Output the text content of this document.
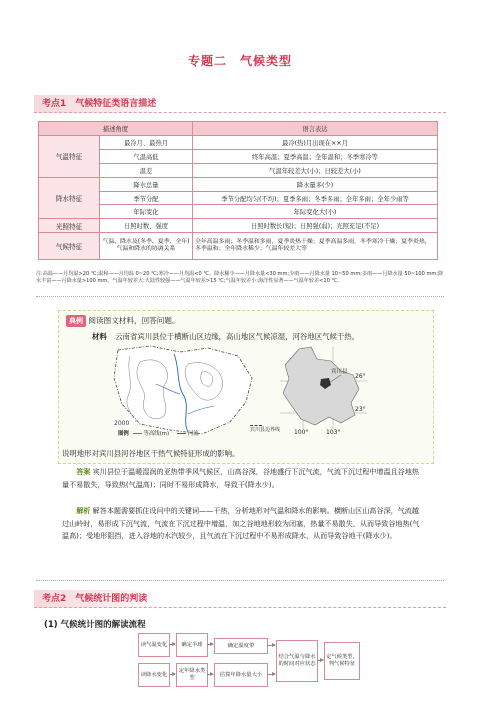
专题二　气候类型
考点1　气候特征类语言描述
描述角度		语言表达
气温特征	最冷月、最热月	最冷(热)月出现在××月
	气温高低	终年高温；夏季高温；全年温和；冬季寒冷等
	温差	气温年较差大(小)；日较差大(小)
降水特征	降水总量	降水量多(少)
	季节分配	季节分配均匀(不均)；夏季多雨；冬季多雨；全年多雨；全年少雨等
	年际变化	年际变化大(小)
光照特征	日照时数、强度	日照时数长(短)；日照强(弱)；光照充足(不足)
气候特征	气温、降水及(冬季、夏季、全年)气温和降水的协调关系	全年高温多雨；冬季温和多雨，夏季炎热干燥；夏季高温多雨，冬季寒冷干燥；夏季炎热，冬季温和；全年降水稀少；气温年较差大等
注:高温——月均温>20 ℃;温和——月均温 0~20 ℃;寒冷——月均温<0 ℃。降水稀少——月降水量<30 mm;少雨——月降水量 10~50 mm;多雨——月降水量 50~100 mm;降水丰富——月降水量>100 mm。气温年较差大:大陆性较强——气温年较差>15 ℃;气温年较差小:海洋性显著——气温年较差<10 ℃。
典例 阅读图文材料，回答问题。
材料 云南省宾川县位于横断山区边缘，高山地区气候凉湿，河谷地区气候干热。
2000
图例	等高线(m)	河流
宾川县边界线
宾川县
26°
23°
100°	103°
说明地形对宾川县河谷地区干热气候特征形成的影响。
答案 宾川县位于温暖湿润的亚热带季风气候区，山高谷深，谷地盛行下沉气流，气流下沉过程中增温且谷地热量不易散失，导致热(气温高)；同时不易形成降水，导致干(降水少)。
解析 解答本题需要抓住设问中的关键词——干热，分析地形对气温和降水的影响。横断山区山高谷深，气流越过山岭时，易形成下沉气流，气流在下沉过程中增温，加之谷地地形较为闭塞，热量不易散失，从而导致谷地热(气温高)；受地形阻挡，进入谷地的水汽较少，且气流在下沉过程中不易形成降水，从而导致谷地干(降水少)。
考点2　气候统计图的判读
(1) 气候统计图的解读流程
读气温变化	确定半球	确定温度带
读降水变化
定年降水类型
估算年降水量大小
结合气温与降水的时间对应状态
定气候类型，判气候特征
